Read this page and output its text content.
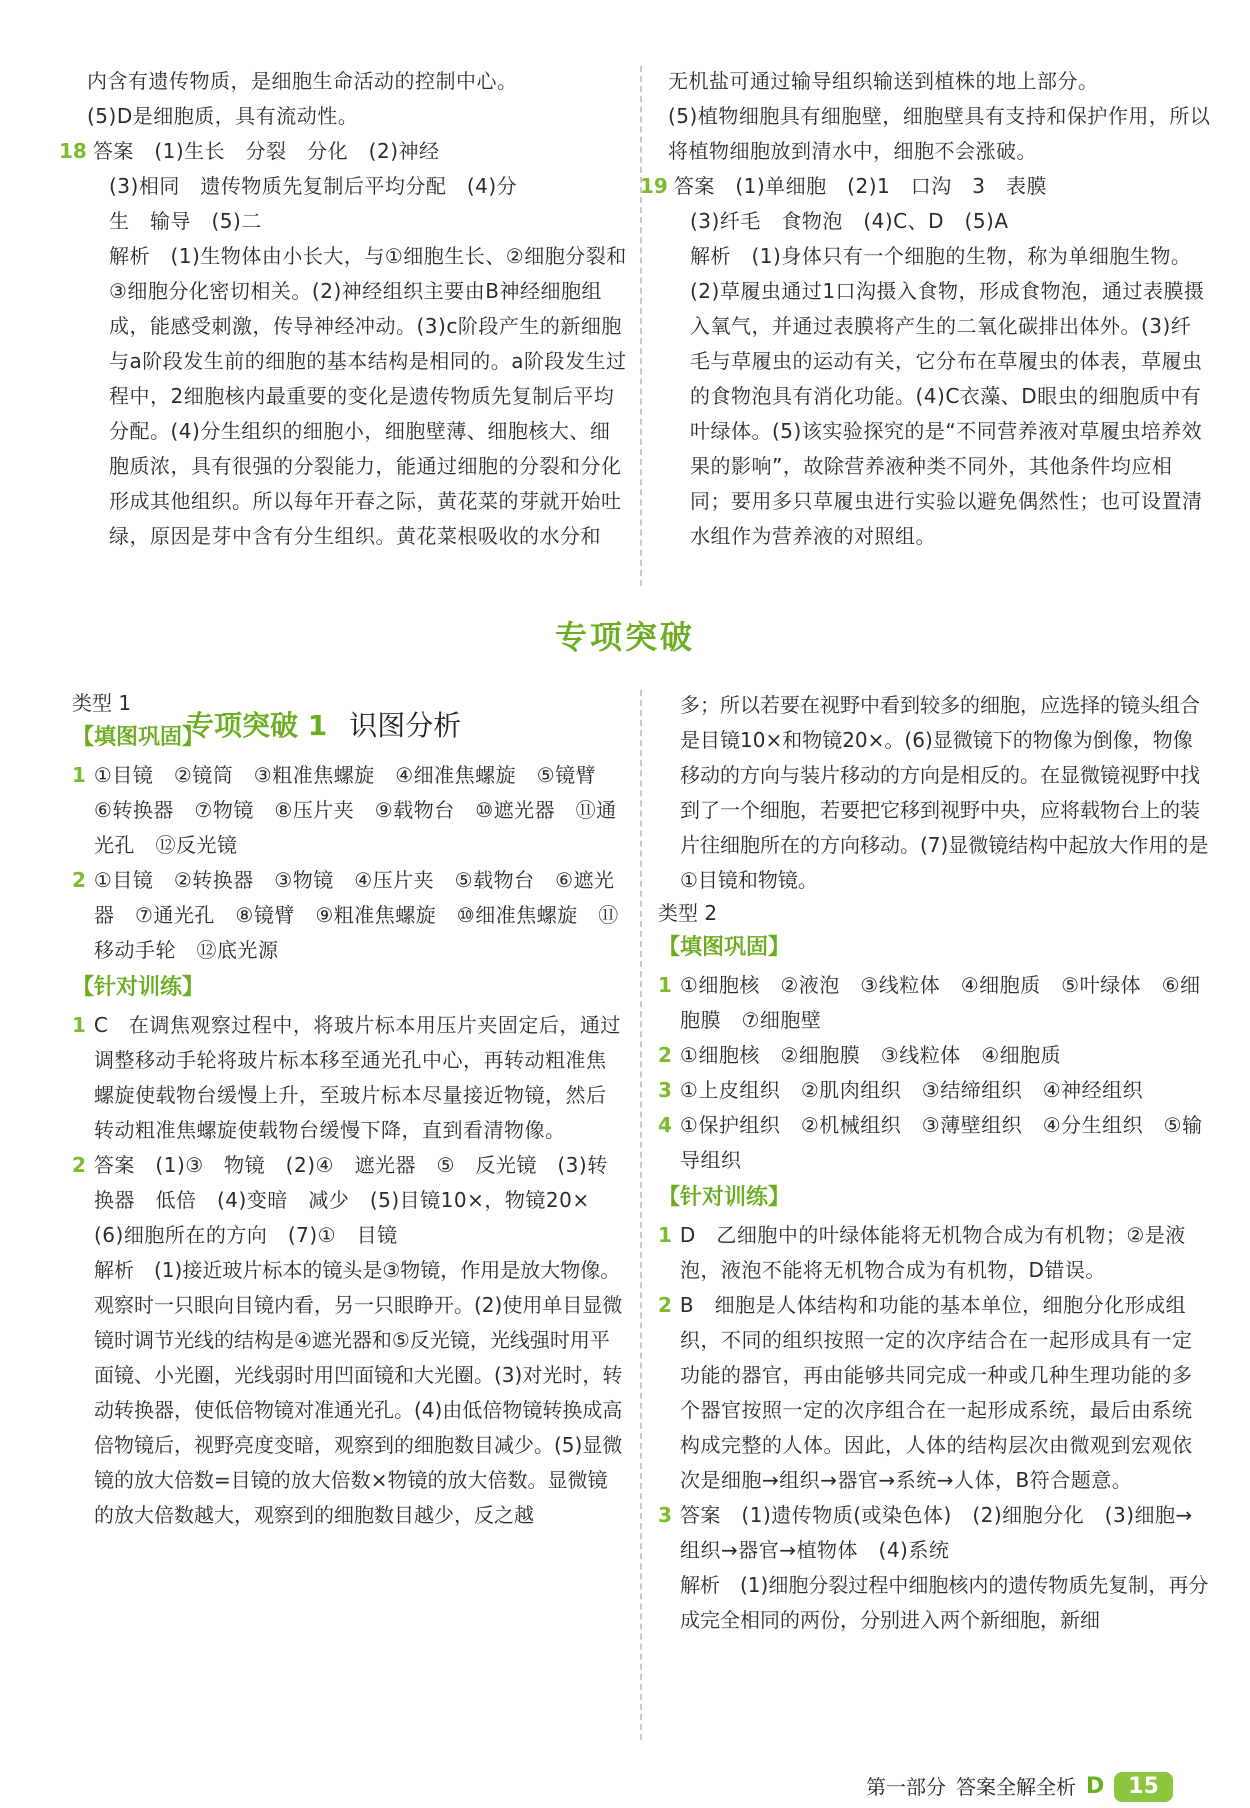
内含有遗传物质，是细胞生命活动的控制中心。

(5)D是细胞质，具有流动性。

18 答案　(1)生长　分裂　分化　(2)神经

(3)相同　遗传物质先复制后平均分配　(4)分

生　输导　(5)二

解析　(1)生物体由小长大，与①细胞生长、②细胞分裂和③细胞分化密切相关。(2)神经组织主要由B神经细胞组成，能感受刺激，传导神经冲动。(3)c阶段产生的新细胞与a阶段发生前的细胞的基本结构是相同的。a阶段发生过程中，2细胞核内最重要的变化是遗传物质先复制后平均分配。(4)分生组织的细胞小，细胞壁薄、细胞核大、细胞质浓，具有很强的分裂能力，能通过细胞的分裂和分化形成其他组织。所以每年开春之际，黄花菜的芽就开始吐绿，原因是芽中含有分生组织。黄花菜根吸收的水分和

无机盐可通过输导组织输送到植株的地上部分。

(5)植物细胞具有细胞壁，细胞壁具有支持和保护作用，所以将植物细胞放到清水中，细胞不会涨破。

19 答案　(1)单细胞　(2)1　口沟　3　表膜

(3)纤毛　食物泡　(4)C、D　(5)A

解析　(1)身体只有一个细胞的生物，称为单细胞生物。(2)草履虫通过1口沟摄入食物，形成食物泡，通过表膜摄入氧气，并通过表膜将产生的二氧化碳排出体外。(3)纤毛与草履虫的运动有关，它分布在草履虫的体表，草履虫的食物泡具有消化功能。(4)C衣藻、D眼虫的细胞质中有叶绿体。(5)该实验探究的是“不同营养液对草履虫培养效果的影响”，故除营养液种类不同外，其他条件均应相同；要用多只草履虫进行实验以避免偶然性；也可设置清水组作为营养液的对照组。

专项突破
专项突破 1 识图分析

类型 1

【填图巩固】

1 ①目镜　②镜筒　③粗准焦螺旋　④细准焦螺旋　⑤镜臂　⑥转换器　⑦物镜　⑧压片夹　⑨载物台　⑩遮光器　⑪通光孔　⑫反光镜

2 ①目镜　②转换器　③物镜　④压片夹　⑤载物台　⑥遮光器　⑦通光孔　⑧镜臂　⑨粗准焦螺旋　⑩细准焦螺旋　⑪移动手轮　⑫底光源

【针对训练】

1 C　在调焦观察过程中，将玻片标本用压片夹固定后，通过调整移动手轮将玻片标本移至通光孔中心，再转动粗准焦螺旋使载物台缓慢上升，至玻片标本尽量接近物镜，然后转动粗准焦螺旋使载物台缓慢下降，直到看清物像。

2 答案　(1)③　物镜　(2)④　遮光器　⑤　反光镜　(3)转换器　低倍　(4)变暗　减少　(5)目镜10×，物镜20×　(6)细胞所在的方向　(7)①　目镜

解析　(1)接近玻片标本的镜头是③物镜，作用是放大物像。观察时一只眼向目镜内看，另一只眼睁开。(2)使用单目显微镜时调节光线的结构是④遮光器和⑤反光镜，光线强时用平面镜、小光圈，光线弱时用凹面镜和大光圈。(3)对光时，转动转换器，使低倍物镜对准通光孔。(4)由低倍物镜转换成高倍物镜后，视野亮度变暗，观察到的细胞数目减少。(5)显微镜的放大倍数=目镜的放大倍数×物镜的放大倍数。显微镜的放大倍数越大，观察到的细胞数目越少，反之越

多；所以若要在视野中看到较多的细胞，应选择的镜头组合是目镜10×和物镜20×。(6)显微镜下的物像为倒像，物像移动的方向与装片移动的方向是相反的。在显微镜视野中找到了一个细胞，若要把它移到视野中央，应将载物台上的装片往细胞所在的方向移动。(7)显微镜结构中起放大作用的是①目镜和物镜。

类型 2

【填图巩固】

1 ①细胞核　②液泡　③线粒体　④细胞质　⑤叶绿体　⑥细胞膜　⑦细胞壁

2 ①细胞核　②细胞膜　③线粒体　④细胞质

3 ①上皮组织　②肌肉组织　③结缔组织　④神经组织

4 ①保护组织　②机械组织　③薄壁组织　④分生组织　⑤输导组织

【针对训练】

1 D　乙细胞中的叶绿体能将无机物合成为有机物；②是液泡，液泡不能将无机物合成为有机物，D错误。

2 B　细胞是人体结构和功能的基本单位，细胞分化形成组织，不同的组织按照一定的次序结合在一起形成具有一定功能的器官，再由能够共同完成一种或几种生理功能的多个器官按照一定的次序组合在一起形成系统，最后由系统构成完整的人体。因此，人体的结构层次由微观到宏观依次是细胞→组织→器官→系统→人体，B符合题意。

3 答案　(1)遗传物质(或染色体)　(2)细胞分化　(3)细胞→组织→器官→植物体　(4)系统

解析　(1)细胞分裂过程中细胞核内的遗传物质先复制，再分成完全相同的两份，分别进入两个新细胞，新细

第一部分 答案全解全析 D	15
